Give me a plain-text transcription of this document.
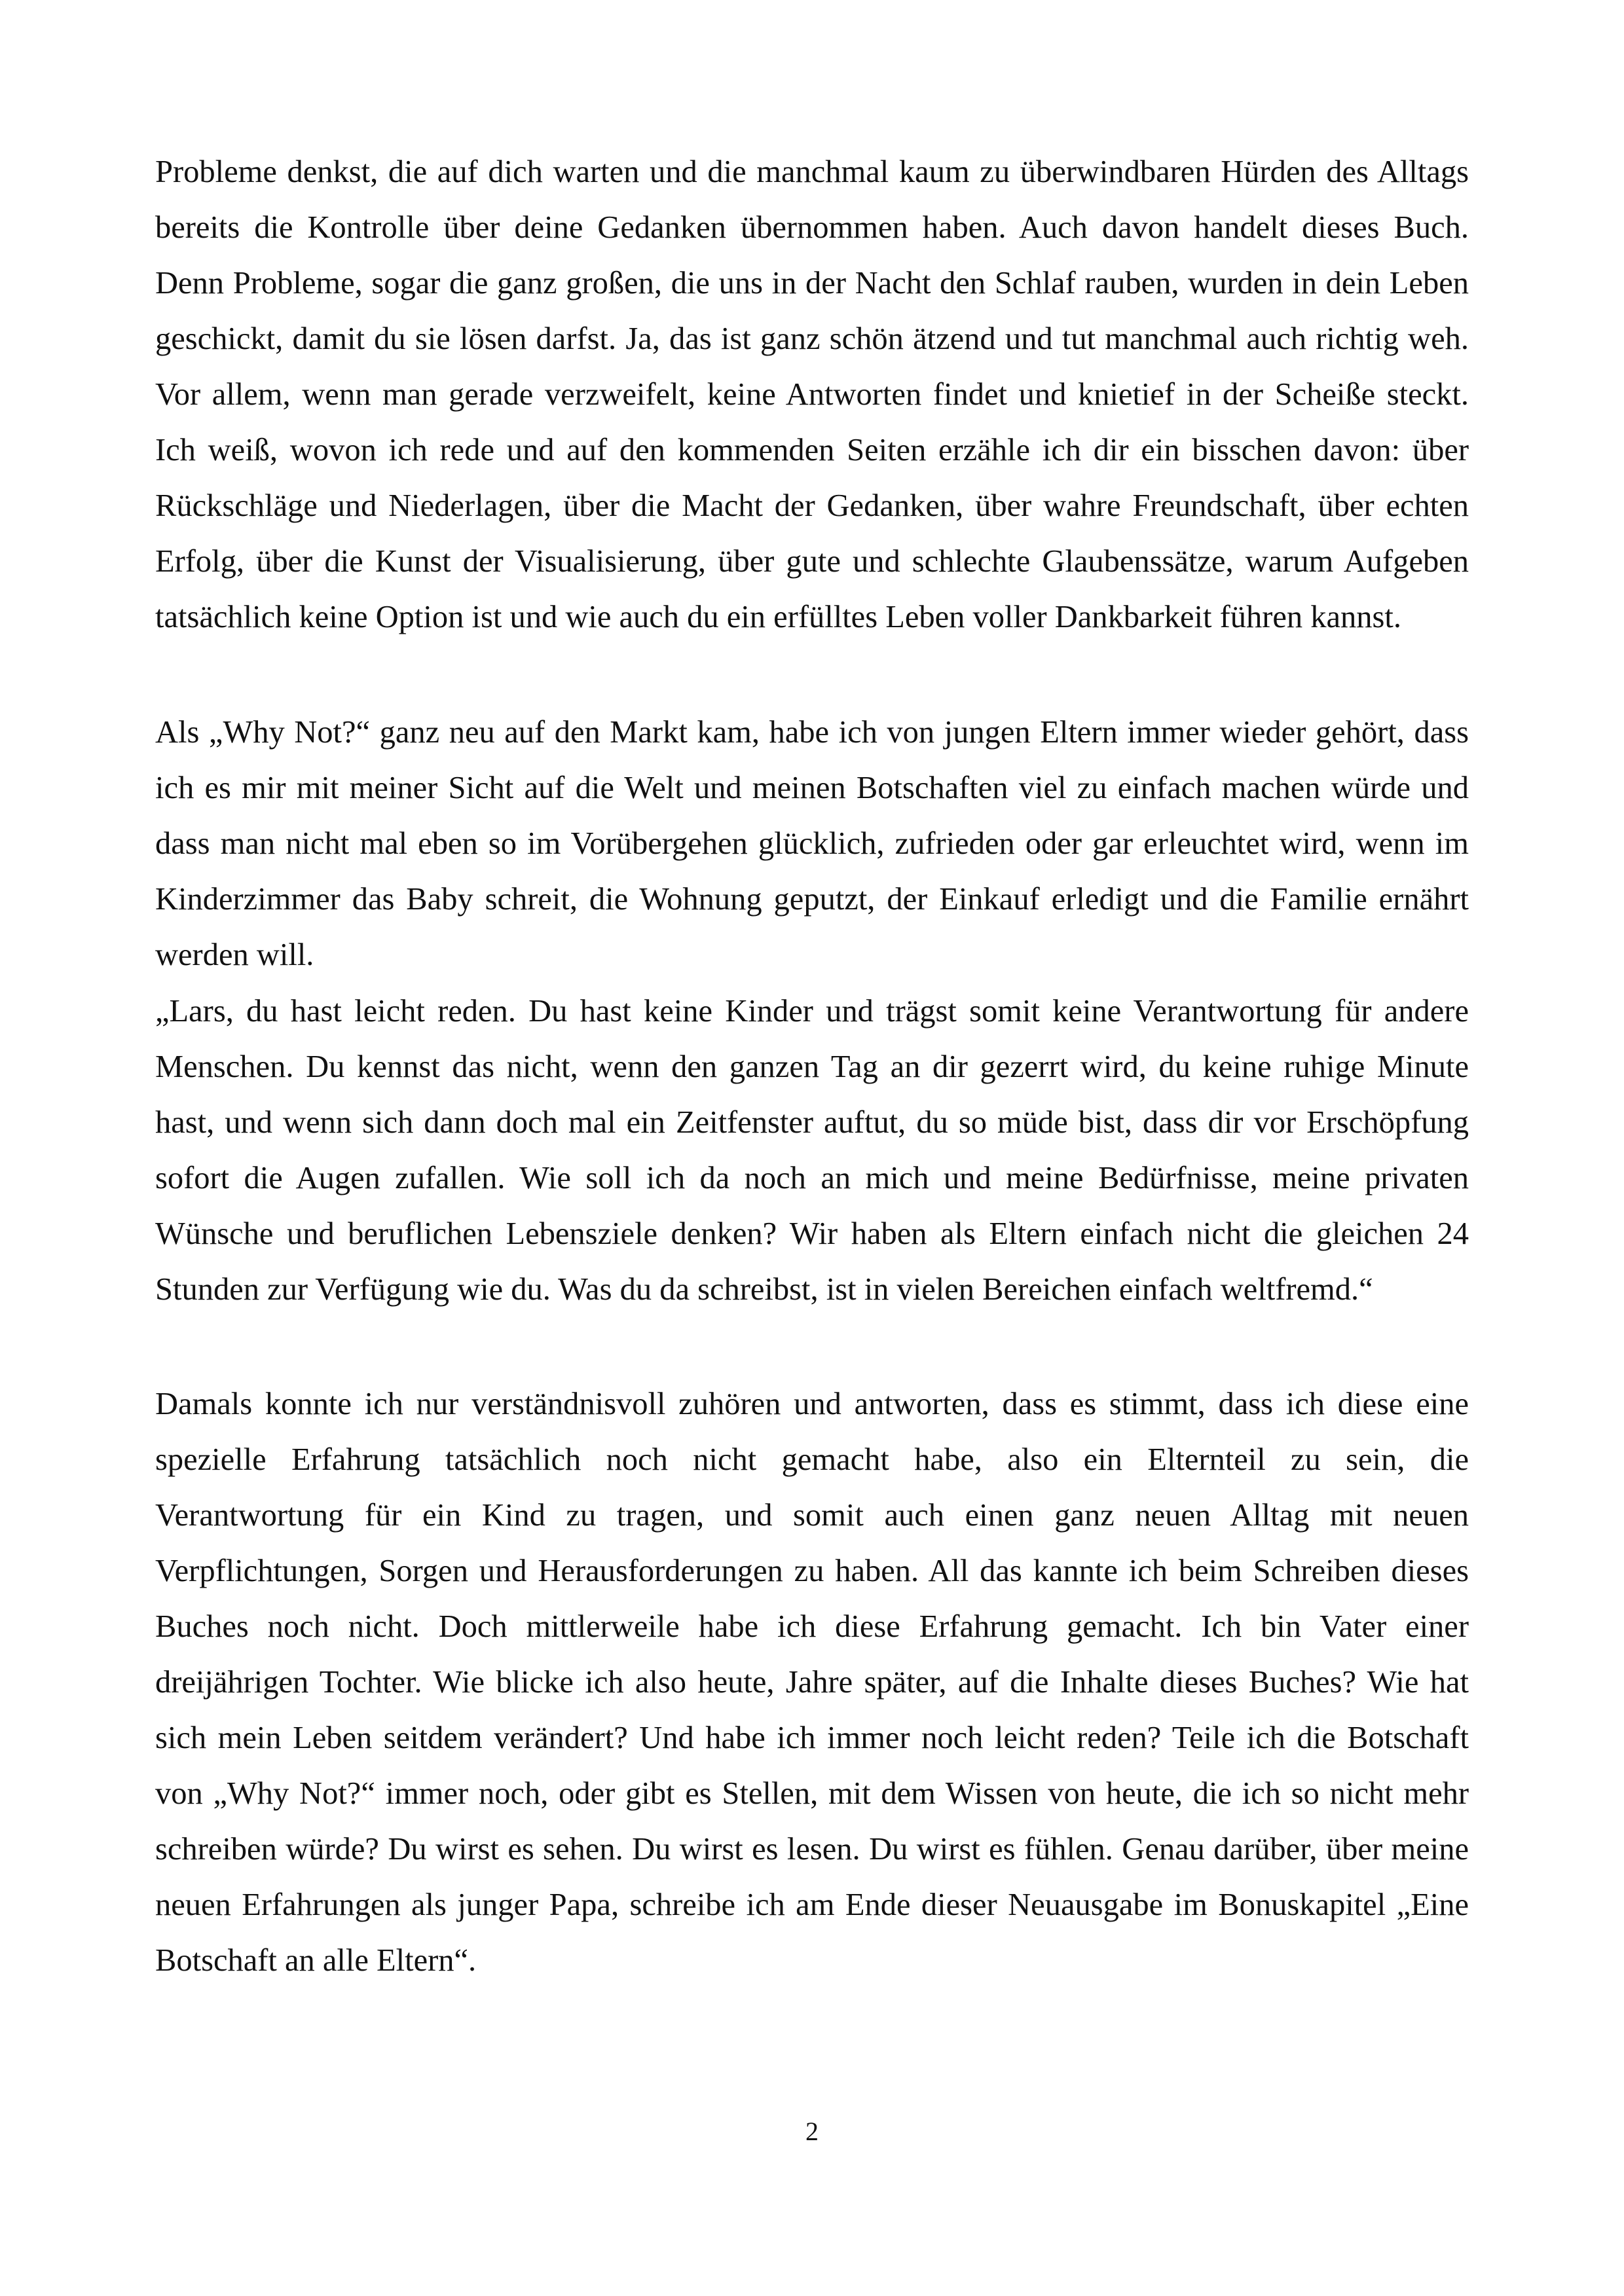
Probleme denkst, die auf dich warten und die manchmal kaum zu überwindbaren Hürden des Alltags
bereits die Kontrolle über deine Gedanken übernommen haben. Auch davon handelt dieses Buch.
Denn Probleme, sogar die ganz großen, die uns in der Nacht den Schlaf rauben, wurden in dein Leben
geschickt, damit du sie lösen darfst. Ja, das ist ganz schön ätzend und tut manchmal auch richtig weh.
Vor allem, wenn man gerade verzweifelt, keine Antworten findet und knietief in der Scheiße steckt.
Ich weiß, wovon ich rede und auf den kommenden Seiten erzähle ich dir ein bisschen davon: über
Rückschläge und Niederlagen, über die Macht der Gedanken, über wahre Freundschaft, über echten
Erfolg, über die Kunst der Visualisierung, über gute und schlechte Glaubenssätze, warum Aufgeben
tatsächlich keine Option ist und wie auch du ein erfülltes Leben voller Dankbarkeit führen kannst.
Als „Why Not?“ ganz neu auf den Markt kam, habe ich von jungen Eltern immer wieder gehört, dass
ich es mir mit meiner Sicht auf die Welt und meinen Botschaften viel zu einfach machen würde und
dass man nicht mal eben so im Vorübergehen glücklich, zufrieden oder gar erleuchtet wird, wenn im
Kinderzimmer das Baby schreit, die Wohnung geputzt, der Einkauf erledigt und die Familie ernährt
werden will.
„Lars, du hast leicht reden. Du hast keine Kinder und trägst somit keine Verantwortung für andere
Menschen. Du kennst das nicht, wenn den ganzen Tag an dir gezerrt wird, du keine ruhige Minute
hast, und wenn sich dann doch mal ein Zeitfenster auftut, du so müde bist, dass dir vor Erschöpfung
sofort die Augen zufallen. Wie soll ich da noch an mich und meine Bedürfnisse, meine privaten
Wünsche und beruflichen Lebensziele denken? Wir haben als Eltern einfach nicht die gleichen 24
Stunden zur Verfügung wie du. Was du da schreibst, ist in vielen Bereichen einfach weltfremd.“
Damals konnte ich nur verständnisvoll zuhören und antworten, dass es stimmt, dass ich diese eine
spezielle Erfahrung tatsächlich noch nicht gemacht habe, also ein Elternteil zu sein, die
Verantwortung für ein Kind zu tragen, und somit auch einen ganz neuen Alltag mit neuen
Verpflichtungen, Sorgen und Herausforderungen zu haben. All das kannte ich beim Schreiben dieses
Buches noch nicht. Doch mittlerweile habe ich diese Erfahrung gemacht. Ich bin Vater einer
dreijährigen Tochter. Wie blicke ich also heute, Jahre später, auf die Inhalte dieses Buches? Wie hat
sich mein Leben seitdem verändert? Und habe ich immer noch leicht reden? Teile ich die Botschaft
von „Why Not?“ immer noch, oder gibt es Stellen, mit dem Wissen von heute, die ich so nicht mehr
schreiben würde? Du wirst es sehen. Du wirst es lesen. Du wirst es fühlen. Genau darüber, über meine
neuen Erfahrungen als junger Papa, schreibe ich am Ende dieser Neuausgabe im Bonuskapitel „Eine
Botschaft an alle Eltern“.
2
